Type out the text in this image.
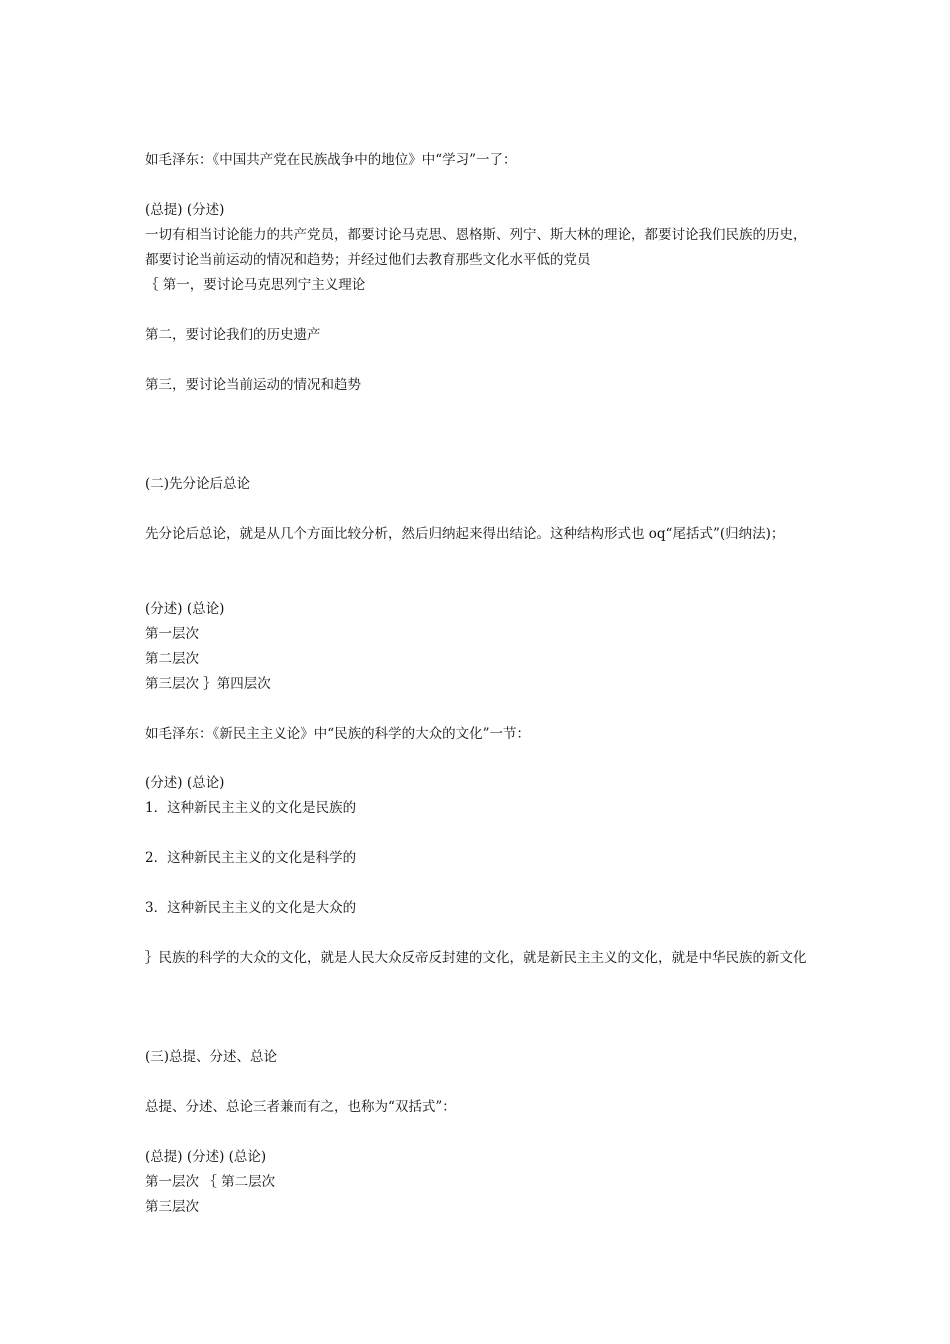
如毛泽东：《中国共产党在民族战争中的地位》中“学习”一了：
(总提) (分述)
一切有相当讨论能力的共产党员，都要讨论马克思、恩格斯、列宁、斯大林的理论，都要讨论我们民族的历史，都要讨论当前运动的情况和趋势；并经过他们去教育那些文化水平低的党员
｛ 第一，要讨论马克思列宁主义理论
第二，要讨论我们的历史遗产
第三，要讨论当前运动的情况和趋势
(二)先分论后总论
先分论后总论，就是从几个方面比较分析，然后归纳起来得出结论。这种结构形式也 oq“尾括式”(归纳法)；
(分述) (总论)
第一层次
第二层次
第三层次 ｝第四层次
如毛泽东：《新民主主义论》中“民族的科学的大众的文化”一节：
(分述) (总论)
1．这种新民主主义的文化是民族的
2．这种新民主主义的文化是科学的
3．这种新民主主义的文化是大众的
｝民族的科学的大众的文化，就是人民大众反帝反封建的文化，就是新民主主义的文化，就是中华民族的新文化
(三)总提、分述、总论
总提、分述、总论三者兼而有之，也称为“双括式”：
(总提) (分述) (总论)
第一层次 ｛ 第二层次
第三层次
